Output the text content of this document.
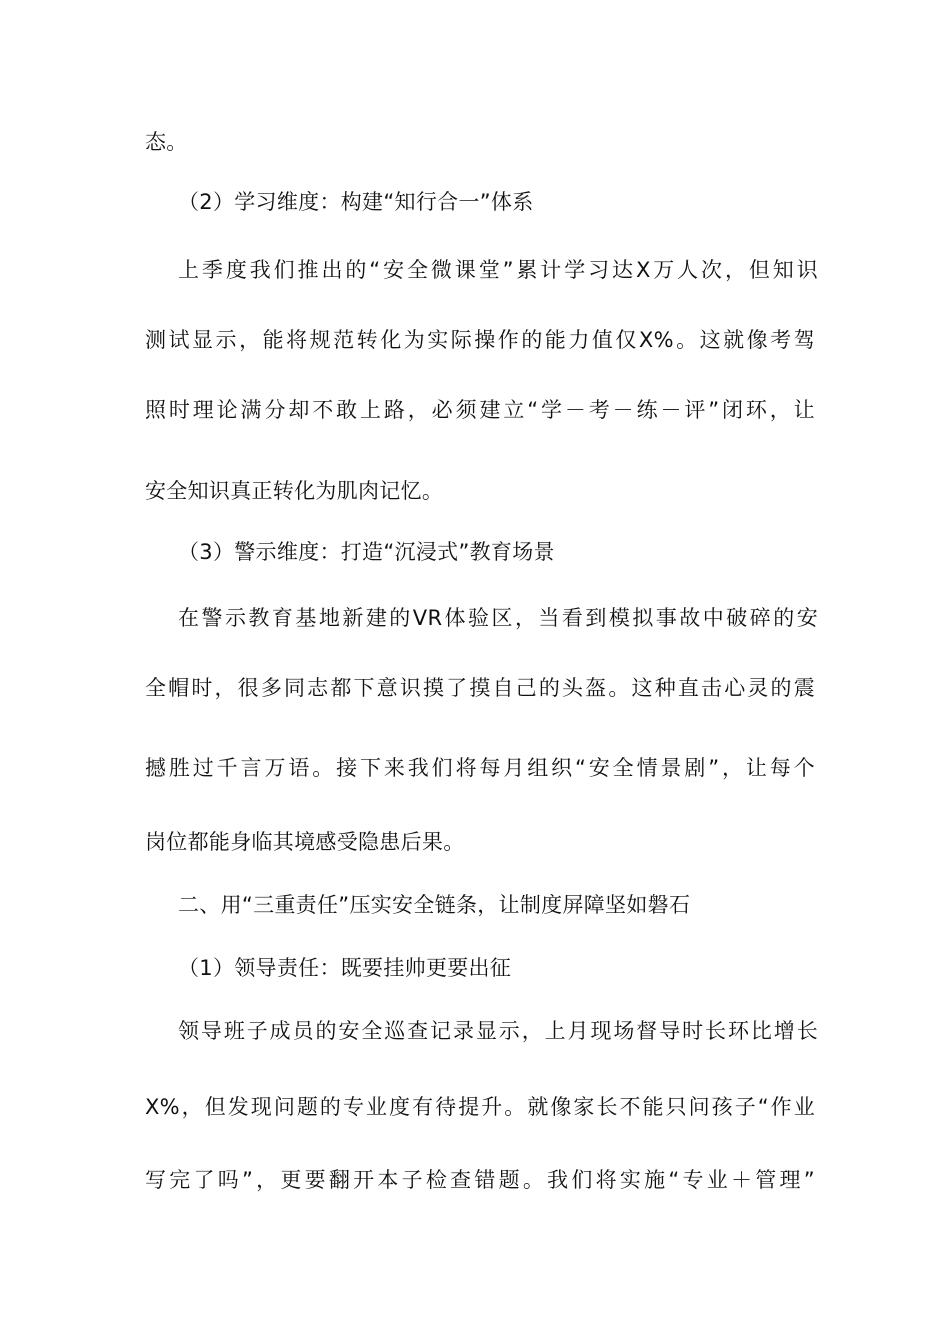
态。
（2）学习维度：构建“知行合一”体系
上季度我们推出的“安全微课堂”累计学习达X万人次，但知识
测试显示，能将规范转化为实际操作的能力值仅X%。这就像考驾
照时理论满分却不敢上路，必须建立“学－考－练－评”闭环，让
安全知识真正转化为肌肉记忆。
（3）警示维度：打造“沉浸式”教育场景
在警示教育基地新建的VR体验区，当看到模拟事故中破碎的安
全帽时，很多同志都下意识摸了摸自己的头盔。这种直击心灵的震
撼胜过千言万语。接下来我们将每月组织“安全情景剧”，让每个
岗位都能身临其境感受隐患后果。
二、用“三重责任”压实安全链条，让制度屏障坚如磐石
（1）领导责任：既要挂帅更要出征
领导班子成员的安全巡查记录显示，上月现场督导时长环比增长
X%，但发现问题的专业度有待提升。就像家长不能只问孩子“作业
写完了吗”，更要翻开本子检查错题。我们将实施“专业＋管理”
